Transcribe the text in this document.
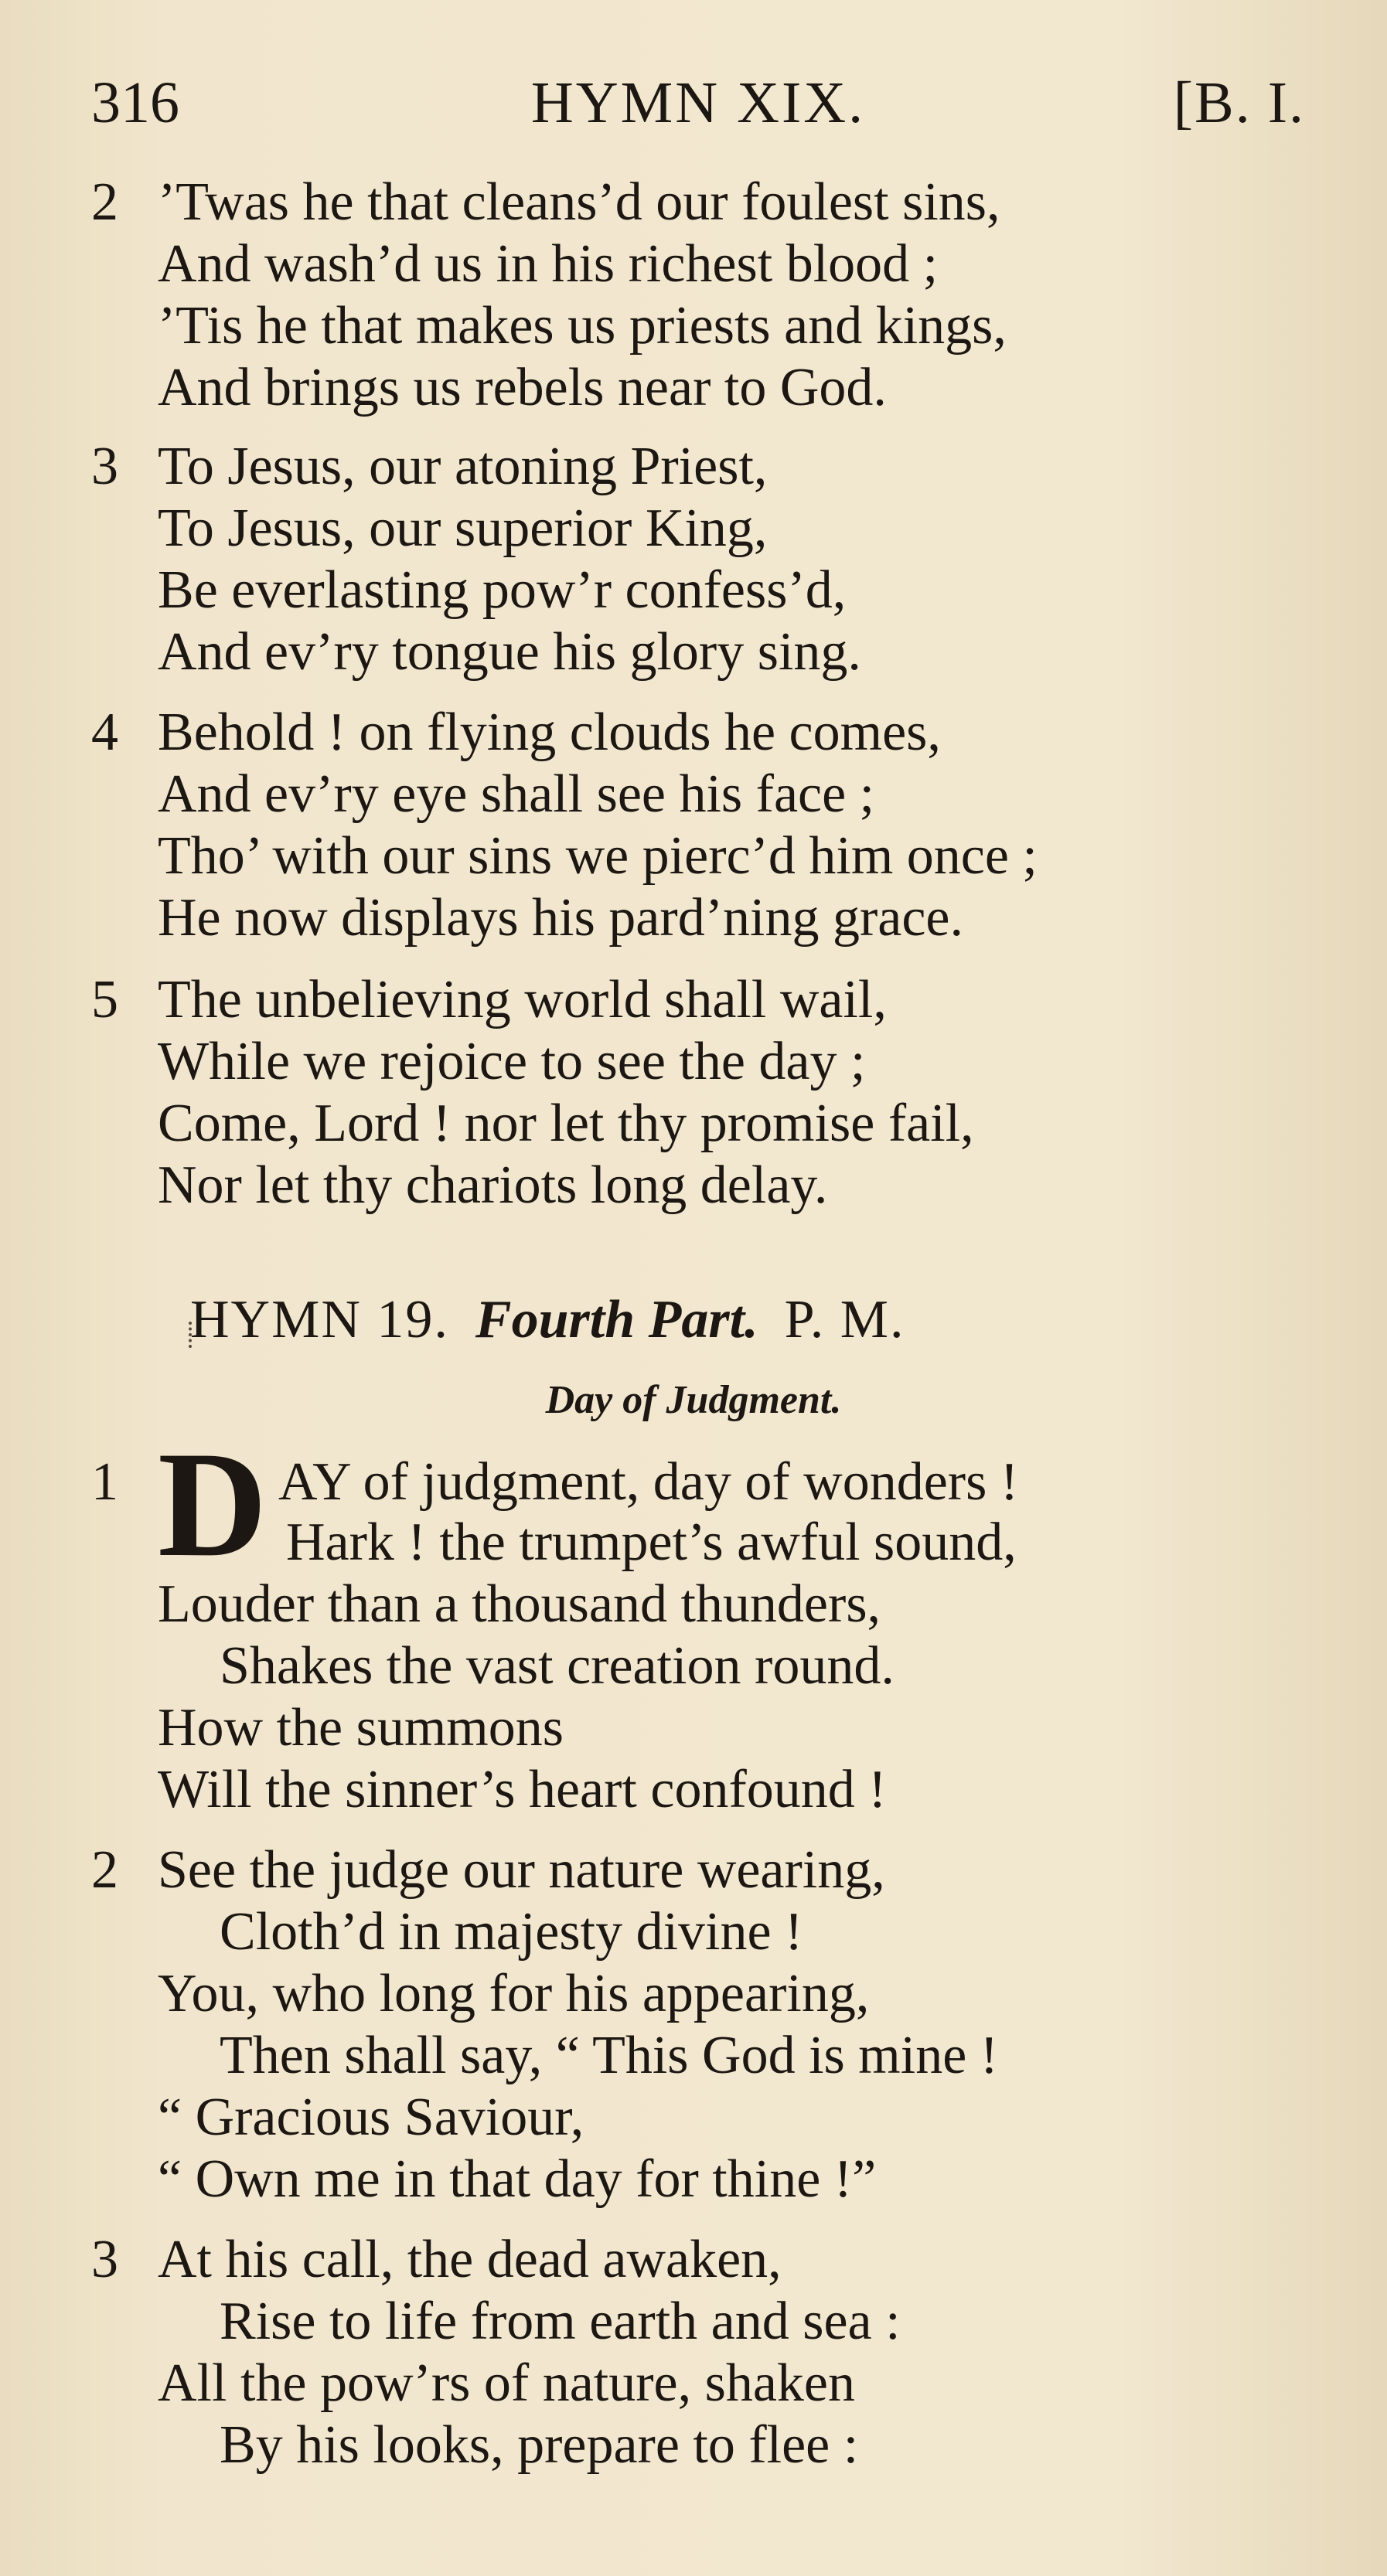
316	HYMN XIX.	[B. I.
2 ’Twas he that cleans’d our foulest sins,
And wash’d us in his richest blood ;
’Tis he that makes us priests and kings,
And brings us rebels near to God.
3 To Jesus, our atoning Priest,
To Jesus, our superior King,
Be everlasting pow’r confess’d,
And ev’ry tongue his glory sing.
4 Behold ! on flying clouds he comes,
And ev’ry eye shall see his face ;
Tho’ with our sins we pierc’d him once ;
He now displays his pard’ning grace.
5 The unbelieving world shall wail,
While we rejoice to see the day ;
Come, Lord ! nor let thy promise fail,
Nor let thy chariots long delay.
HYMN 19. Fourth Part. P. M.
Day of Judgment.
1 D AY of judgment, day of wonders !
Hark ! the trumpet’s awful sound,
Louder than a thousand thunders,
Shakes the vast creation round.
How the summons
Will the sinner’s heart confound !
2 See the judge our nature wearing,
Cloth’d in majesty divine !
You, who long for his appearing,
Then shall say, “ This God is mine !
“ Gracious Saviour,
“ Own me in that day for thine !”
3 At his call, the dead awaken,
Rise to life from earth and sea :
All the pow’rs of nature, shaken
By his looks, prepare to flee :
